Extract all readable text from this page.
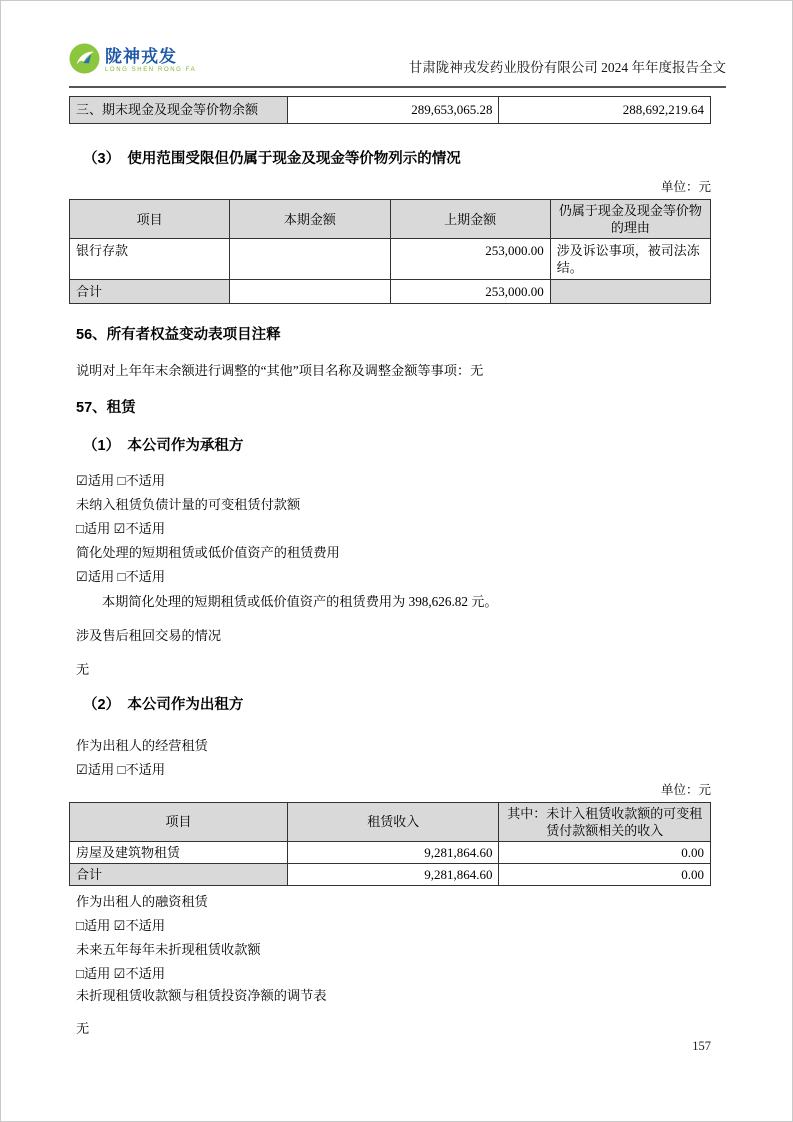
陇神戎发
LONG SHEN RONG FA	甘肃陇神戎发药业股份有限公司 2024 年年度报告全文
三、期末现金及现金等价物余额	289,653,065.28	288,692,219.64

（3）　使用范围受限但仍属于现金及现金等价物列示的情况

单位：元

项目	本期金额	上期金额	仍属于现金及现金等价物的理由
银行存款		253,000.00	涉及诉讼事项，被司法冻结。
合计		253,000.00	

56、所有者权益变动表项目注释

说明对上年年末余额进行调整的“其他”项目名称及调整金额等事项：无

57、租赁

（1）　本公司作为承租方

☑适用 □不适用

未纳入租赁负债计量的可变租赁付款额

□适用 ☑不适用

简化处理的短期租赁或低价值资产的租赁费用

☑适用 □不适用

本期简化处理的短期租赁或低价值资产的租赁费用为 398,626.82 元。

涉及售后租回交易的情况

无

（2）　本公司作为出租方

作为出租人的经营租赁

☑适用 □不适用

单位：元

项目	租赁收入	其中：未计入租赁收款额的可变租赁付款额相关的收入
房屋及建筑物租赁	9,281,864.60	0.00
合计	9,281,864.60	0.00

作为出租人的融资租赁

□适用 ☑不适用

未来五年每年未折现租赁收款额

□适用 ☑不适用

未折现租赁收款额与租赁投资净额的调节表

无

157
